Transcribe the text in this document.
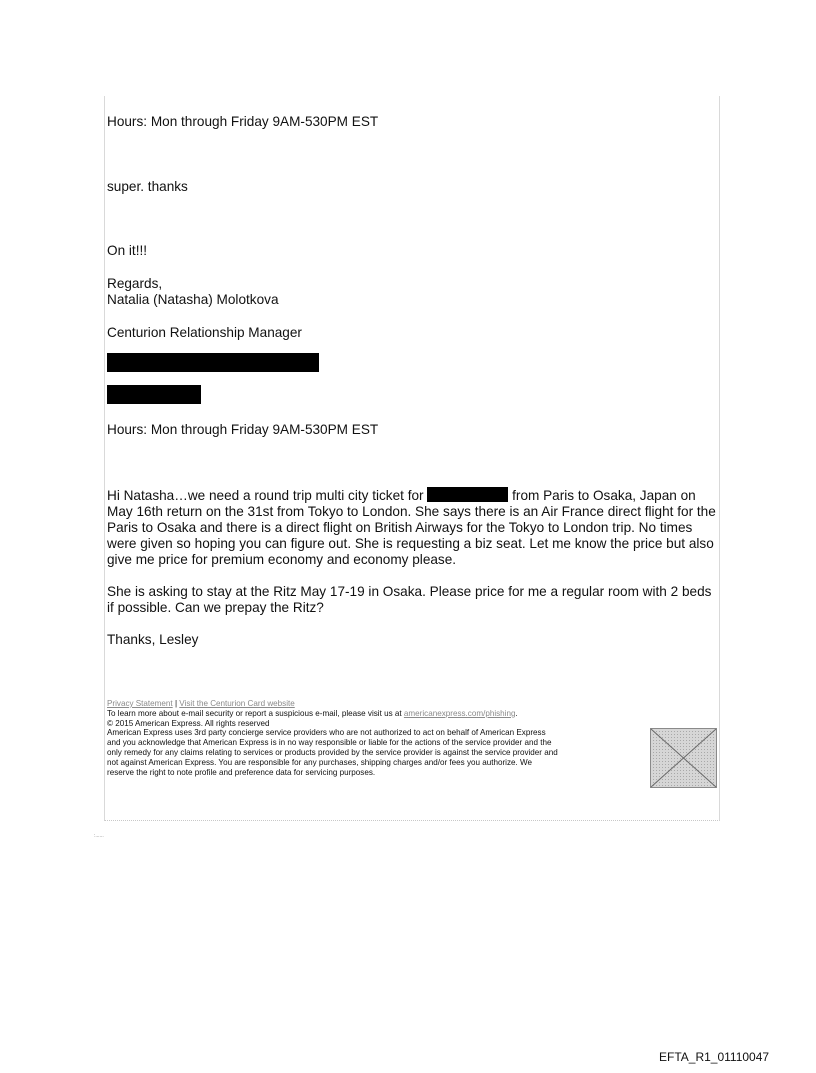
Hours: Mon through Friday 9AM-530PM EST

super. thanks

On it!!!

Regards,

Natalia (Natasha) Molotkova

Centurion Relationship Manager

Hours: Mon through Friday 9AM-530PM EST

Hi Natasha…we need a round trip multi city ticket for	from Paris to Osaka, Japan on May 16th return on the 31st from Tokyo to London. She says there is an Air France direct flight for the Paris to Osaka and there is a direct flight on British Airways for the Tokyo to London trip. No times were given so hoping you can figure out. She is requesting a biz seat. Let me know the price but also give me price for premium economy and economy please.

She is asking to stay at the Ritz May 17-19 in Osaka. Please price for me a regular room with 2 beds if possible. Can we prepay the Ritz?

Thanks, Lesley

Privacy Statement | Visit the Centurion Card website
To learn more about e-mail security or report a suspicious e-mail, please visit us at americanexpress.com/phishing.
© 2015 American Express. All rights reserved
American Express uses 3rd party concierge service providers who are not authorized to act on behalf of American Express
and you acknowledge that American Express is in no way responsible or liable for the actions of the service provider and the
only remedy for any claims relating to services or products provided by the service provider is against the service provider and
not against American Express. You are responsible for any purchases, shipping charges and/or fees you authorize. We
reserve the right to note profile and preference data for servicing purposes.
:......
EFTA_R1_01110047
